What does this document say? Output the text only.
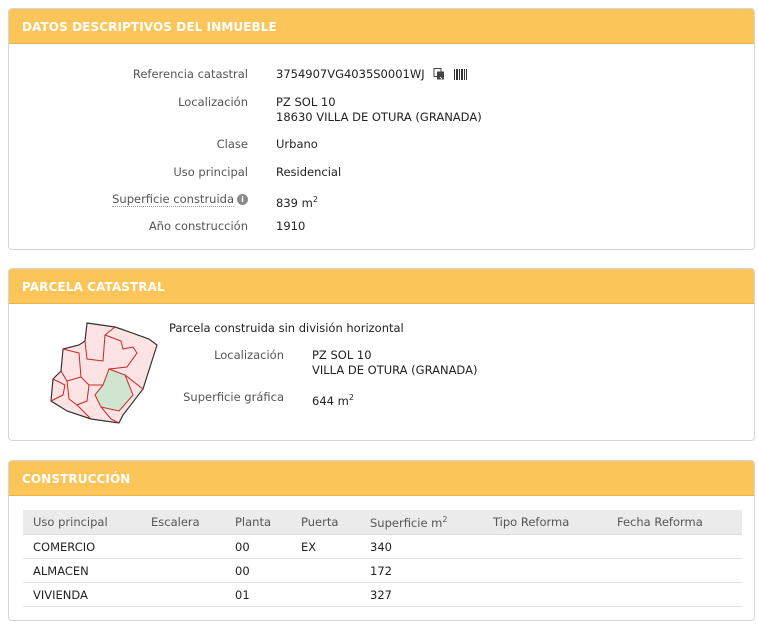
DATOS DESCRIPTIVOS DEL INMUEBLE
Referencia catastral 3754907VG4035S0001WJ
Localización PZ SOL 10
18630 VILLA DE OTURA (GRANADA)
Clase Urbano
Uso principal Residencial
Superficie construida i	839 $m^2$
Año construcción 1910
PARCELA CATASTRAL
Parcela construida sin división horizontal
Localización PZ SOL 10
VILLA DE OTURA (GRANADA)
Superficie gráfica 644 $m^2$
CONSTRUCCIÓN
Uso principal	Escalera	Planta	Puerta	Superficie $m^2$	Tipo Reforma	Fecha Reforma
COMERCIO		00	EX	340		
ALMACEN		00		172		
VIVIENDA		01		327		
